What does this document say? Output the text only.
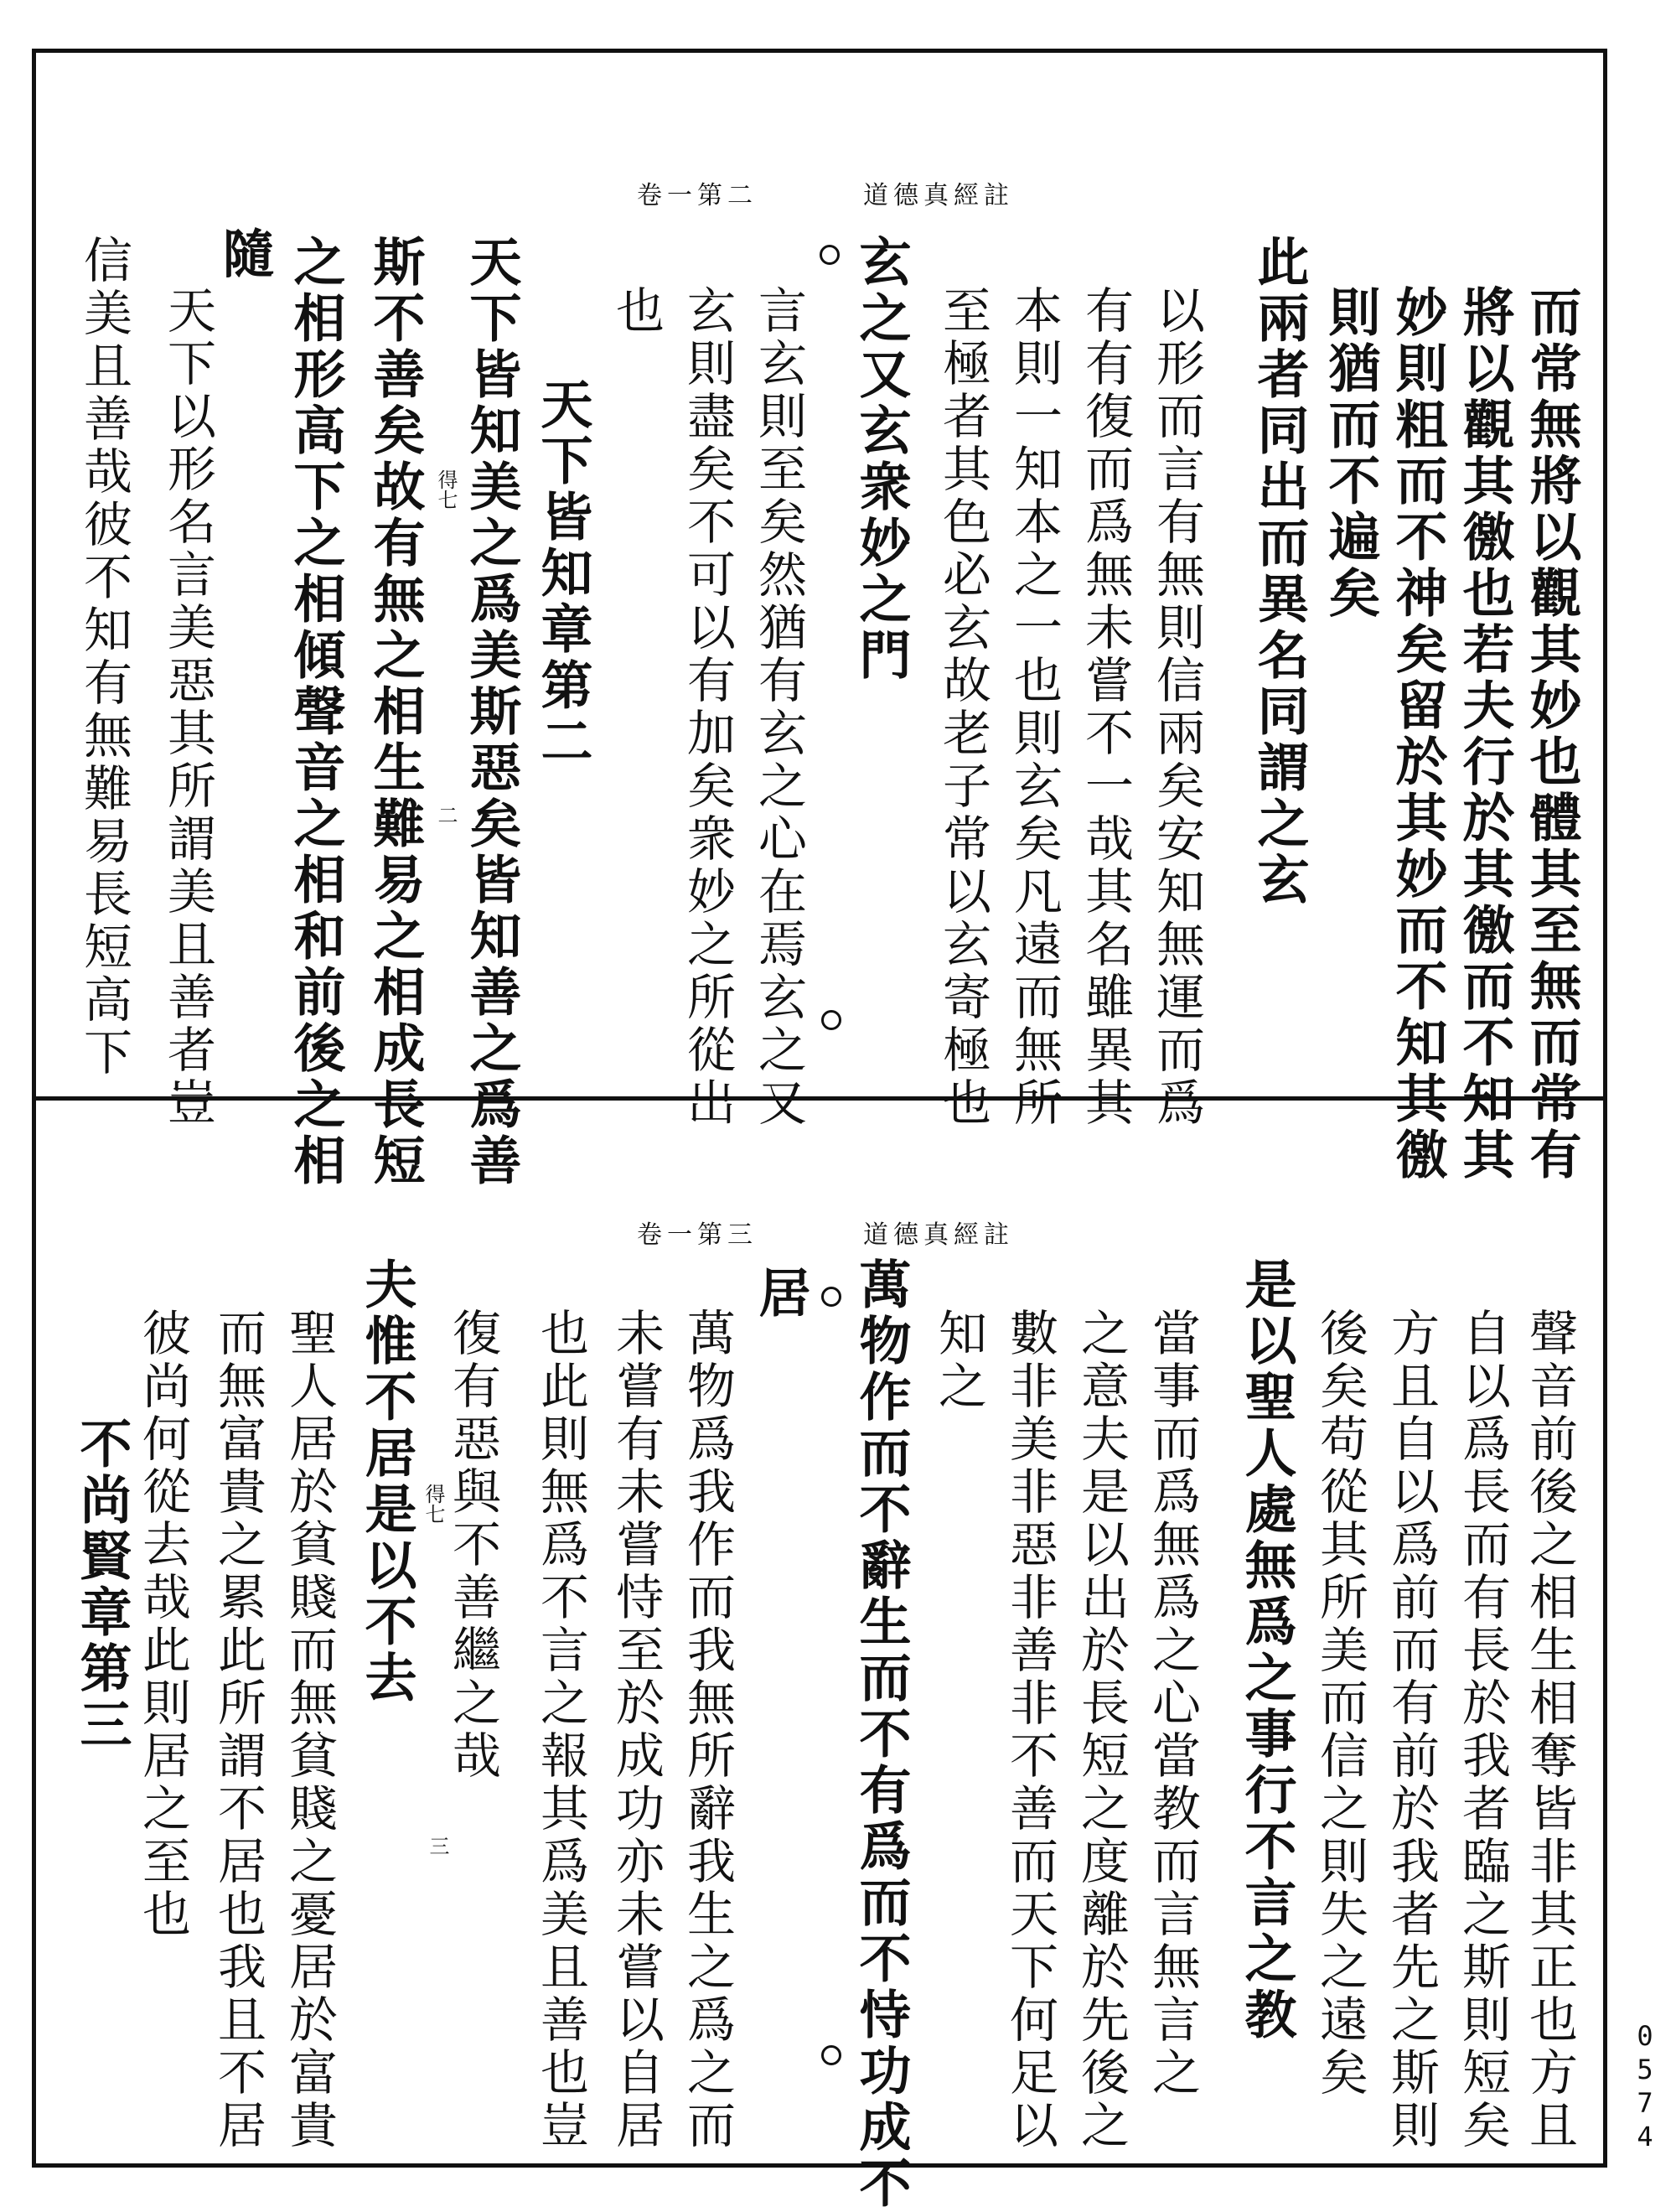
道德真經註
卷一第二
而常無將以觀其妙也體其至無而常有
將以觀其徼也若夫行於其徼而不知其
妙則粗而不神矣留於其妙而不知其徼
則猶而不遍矣
此兩者同出而異名同謂之玄
以形而言有無則信兩矣安知無運而爲
有有復而爲無未嘗不一哉其名雖異其
本則一知本之一也則玄矣凡遠而無所
至極者其色必玄故老子常以玄寄極也
玄之又玄衆妙之門
言玄則至矣然猶有玄之心在焉玄之又
玄則盡矣不可以有加矣衆妙之所從出
也
天下皆知章第二
天下皆知美之爲美斯惡矣皆知善之爲善
得七
二
斯不善矣故有無之相生難易之相成長短
之相形高下之相傾聲音之相和前後之相
隨
天下以形名言美惡其所謂美且善者豈
信美且善哉彼不知有無難易長短高下
道德真經註
卷一第三
聲音前後之相生相奪皆非其正也方且
自以爲長而有長於我者臨之斯則短矣
方且自以爲前而有前於我者先之斯則
後矣苟從其所美而信之則失之遠矣
是以聖人處無爲之事行不言之教
當事而爲無爲之心當教而言無言之
之意夫是以出於長短之度離於先後之
數非美非惡非善非不善而天下何足以
知之
萬物作而不辭生而不有爲而不恃功成不
居
萬物爲我作而我無所辭我生之爲之而
未嘗有未嘗恃至於成功亦未嘗以自居
也此則無爲不言之報其爲美且善也豈
復有惡與不善繼之哉
得七
三
夫惟不居是以不去
聖人居於貧賤而無貧賤之憂居於富貴
而無富貴之累此所謂不居也我且不居
彼尚何從去哉此則居之至也
不尚賢章第三
0574
